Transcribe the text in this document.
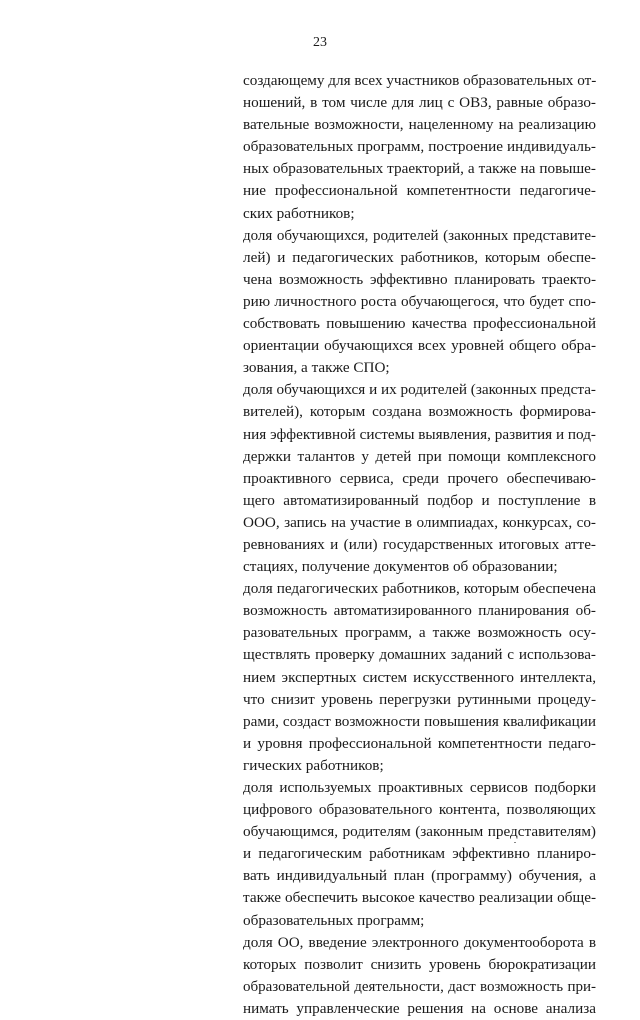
23
создающему для всех участников образовательных от-
ношений, в том числе для лиц с ОВЗ, равные образо-
вательные возможности, нацеленному на реализацию
образовательных программ, построение индивидуаль-
ных образовательных траекторий, а также на повыше-
ние профессиональной компетентности педагогиче-
ских работников;
доля обучающихся, родителей (законных представите-
лей) и педагогических работников, которым обеспе-
чена возможность эффективно планировать траекто-
рию личностного роста обучающегося, что будет спо-
собствовать повышению качества профессиональной
ориентации обучающихся всех уровней общего обра-
зования, а также СПО;
доля обучающихся и их родителей (законных предста-
вителей), которым создана возможность формирова-
ния эффективной системы выявления, развития и под-
держки талантов у детей при помощи комплексного
проактивного сервиса, среди прочего обеспечиваю-
щего автоматизированный подбор и поступление в
ООО, запись на участие в олимпиадах, конкурсах, со-
ревнованиях и (или) государственных итоговых атте-
стациях, получение документов об образовании;
доля педагогических работников, которым обеспечена
возможность автоматизированного планирования об-
разовательных программ, а также возможность осу-
ществлять проверку домашних заданий с использова-
нием экспертных систем искусственного интеллекта,
что снизит уровень перегрузки рутинными процеду-
рами, создаст возможности повышения квалификации
и уровня профессиональной компетентности педаго-
гических работников;
доля используемых проактивных сервисов подборки
цифрового образовательного контента, позволяющих
обучающимся, родителям (законным представителям)
и педагогическим работникам эффективно планиро-
вать индивидуальный план (программу) обучения, а
также обеспечить высокое качество реализации обще-
образовательных программ;
доля ОО, введение электронного документооборота в
которых позволит снизить уровень бюрократизации
образовательной деятельности, даст возможность при-
нимать управленческие решения на основе анализа
